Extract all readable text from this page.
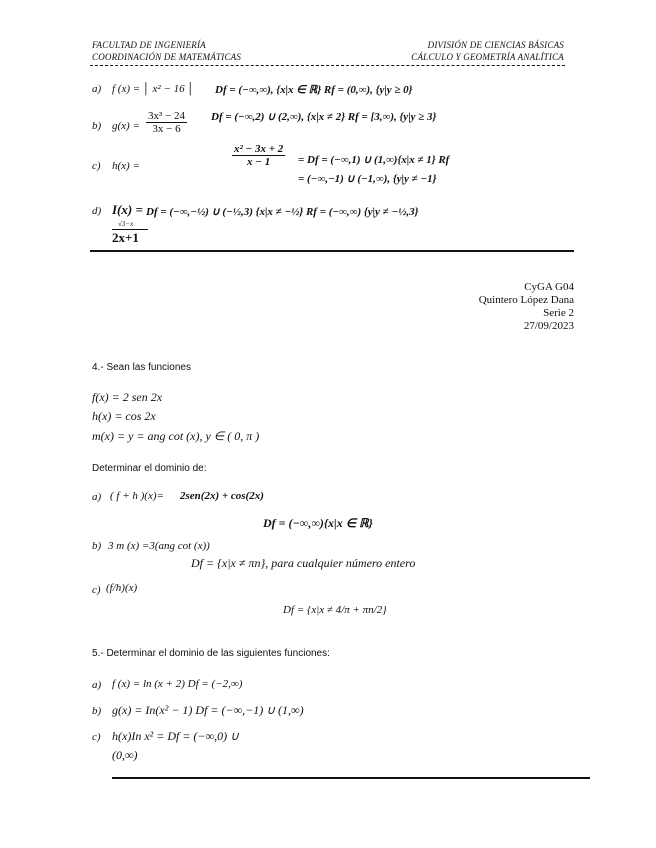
FACULTAD DE INGENIERÍA
COORDINACIÓN DE MATEMÁTICAS
DIVISIÓN DE CIENCIAS BÁSICAS
CÁLCULO Y GEOMETRÍA ANALÍTICA
a) f (x) = │ x² − 16 │ Df = (−∞,∞), {x|x ∈ ℝ} Rf = (0,∞), {y|y ≥ 0}
b) $g(x) = \frac{\text{3x³ − 24}}{3x - 6}$ Df = (−∞,2) ∪ (2,∞), {x|x ≠ 2} Rf = [3,∞), {y|y ≥ 3}
c) h(x) =	$\frac{\text{x² − 3x + 2}}{x - 1} = Df = (-\infty,1)$ ∪ (1,∞){x|x ≠ 1} Rf
= (−∞,−1) ∪ (−1,∞), {y|y ≠ −1}
d) I(x) = Df = (−∞,−½) ∪ (−½,3) {x|x ≠ −½} Rf = (−∞,∞) {y|y ≠ −½,3}
√3−x
2x+1
CyGA G04
Quintero López Dana
Serie 2
27/09/2023
4.- Sean las funciones
f(x) = 2 sen 2x
h(x) = cos 2x
m(x) = y = ang cot (x), y ∈ ( 0, π )
Determinar el dominio de:
a) ( f + h )(x)= 2sen(2x) + cos(2x)
Df = (−∞,∞){x|x ∈ ℝ}
b) 3 m (x) =3(ang cot (x))
Df = {x|x ≠ πn}, para cualquier número entero
c) (f/h)(x)
Df = {x|x ≠ 4/π + πn/2}
5.- Determinar el dominio de las siguientes funciones:
a) f (x) = ln (x + 2) Df = (−2,∞)
b) g(x) = In(x² − 1) Df = (−∞,−1) ∪ (1,∞)
c) h(x)In x² = Df = (−∞,0) ∪
(0,∞)
